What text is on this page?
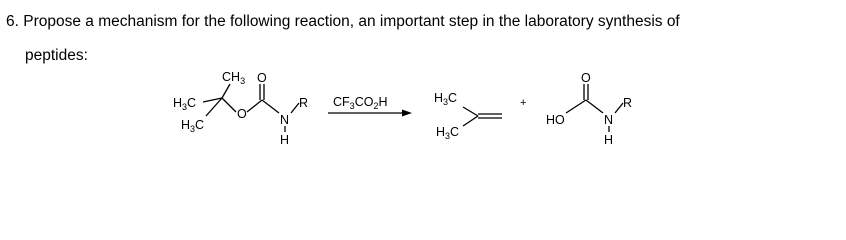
6. Propose a mechanism for the following reaction, an important step in the laboratory synthesis of
peptides:
$CH_3$
$H_3C$
$H_3C$
O
O
N
H
R $CF_3CO_2H$	$H_3C$
$H_3C$
+
HO
O
N
H
R
